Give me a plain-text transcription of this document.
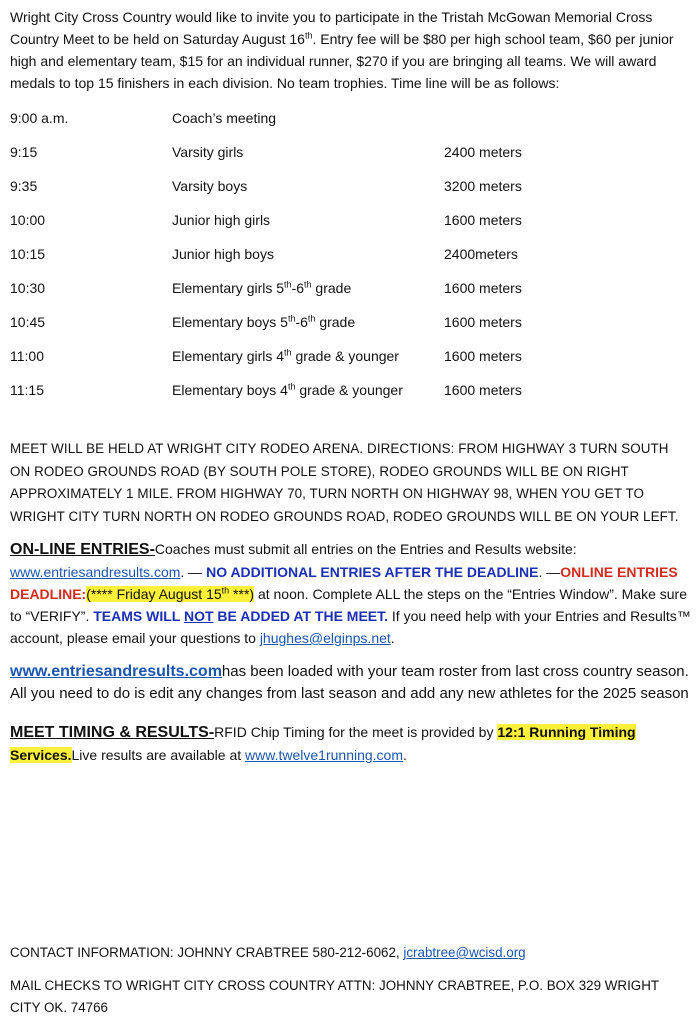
Wright City Cross Country would like to invite you to participate in the Tristah McGowan Memorial Cross Country Meet to be held on Saturday August 16th. Entry fee will be $80 per high school team, $60 per junior high and elementary team, $15 for an individual runner, $270 if you are bringing all teams. We will award medals to top 15 finishers in each division. No team trophies. Time line will be as follows:

9:00 a.m.	Coach’s meeting
9:15	Varsity girls	2400 meters
9:35	Varsity boys	3200 meters
10:00	Junior high girls	1600 meters
10:15	Junior high boys	2400meters
10:30	Elementary girls 5th-6th grade	1600 meters
10:45	Elementary boys 5th-6th grade	1600 meters
11:00	Elementary girls 4th grade & younger	1600 meters
11:15	Elementary boys 4th grade & younger	1600 meters
MEET WILL BE HELD AT WRIGHT CITY RODEO ARENA. DIRECTIONS: FROM HIGHWAY 3 TURN SOUTH ON RODEO GROUNDS ROAD (BY SOUTH POLE STORE), RODEO GROUNDS WILL BE ON RIGHT APPROXIMATELY 1 MILE. FROM HIGHWAY 70, TURN NORTH ON HIGHWAY 98, WHEN YOU GET TO WRIGHT CITY TURN NORTH ON RODEO GROUNDS ROAD, RODEO GROUNDS WILL BE ON YOUR LEFT.
ON-LINE ENTRIES-Coaches must submit all entries on the Entries and Results website: www.entriesandresults.com. — NO ADDITIONAL ENTRIES AFTER THE DEADLINE. —ONLINE ENTRIES DEADLINE:(**** Friday August 15th ***) at noon. Complete ALL the steps on the “Entries Window”. Make sure to “VERIFY”. TEAMS WILL NOT BE ADDED AT THE MEET. If you need help with your Entries and Results™ account, please email your questions to jhughes@elginps.net.
www.entriesandresults.comhas been loaded with your team roster from last cross country season. All you need to do is edit any changes from last season and add any new athletes for the 2025 season
MEET TIMING & RESULTS-RFID Chip Timing for the meet is provided by 12:1 Running Timing Services.Live results are available at www.twelve1running.com.
CONTACT INFORMATION: JOHNNY CRABTREE 580-212-6062, jcrabtree@wcisd.org
MAIL CHECKS TO WRIGHT CITY CROSS COUNTRY ATTN: JOHNNY CRABTREE, P.O. BOX 329 WRIGHT CITY OK. 74766
